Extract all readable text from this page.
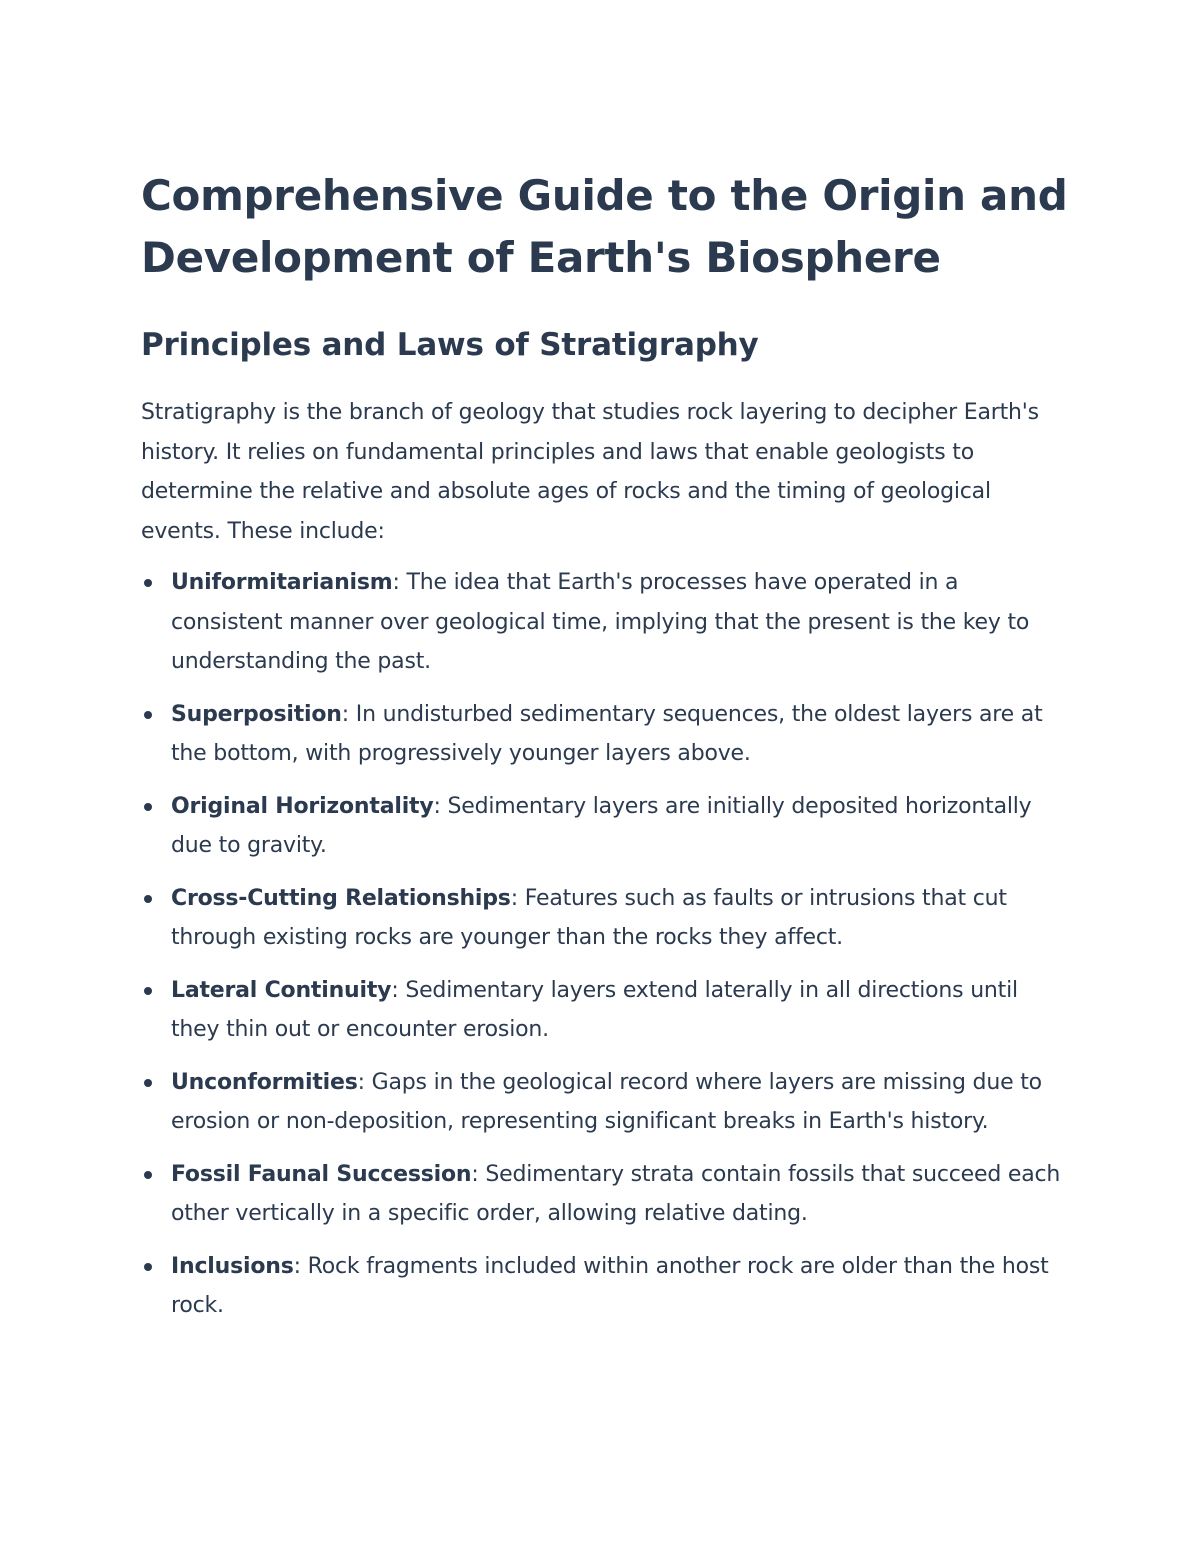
Comprehensive Guide to the Origin and
Development of Earth's Biosphere
Principles and Laws of Stratigraphy

Stratigraphy is the branch of geology that studies rock layering to decipher Earth's history. It relies on fundamental principles and laws that enable geologists to determine the relative and absolute ages of rocks and the timing of geological events. These include:

Uniformitarianism: The idea that Earth's processes have operated in a consistent manner over geological time, implying that the present is the key to understanding the past.
Superposition: In undisturbed sedimentary sequences, the oldest layers are at the bottom, with progressively younger layers above.
Original Horizontality: Sedimentary layers are initially deposited horizontally due to gravity.
Cross-Cutting Relationships: Features such as faults or intrusions that cut through existing rocks are younger than the rocks they affect.
Lateral Continuity: Sedimentary layers extend laterally in all directions until they thin out or encounter erosion.
Unconformities: Gaps in the geological record where layers are missing due to erosion or non-deposition, representing significant breaks in Earth's history.
Fossil Faunal Succession: Sedimentary strata contain fossils that succeed each other vertically in a specific order, allowing relative dating.
Inclusions: Rock fragments included within another rock are older than the host rock.
